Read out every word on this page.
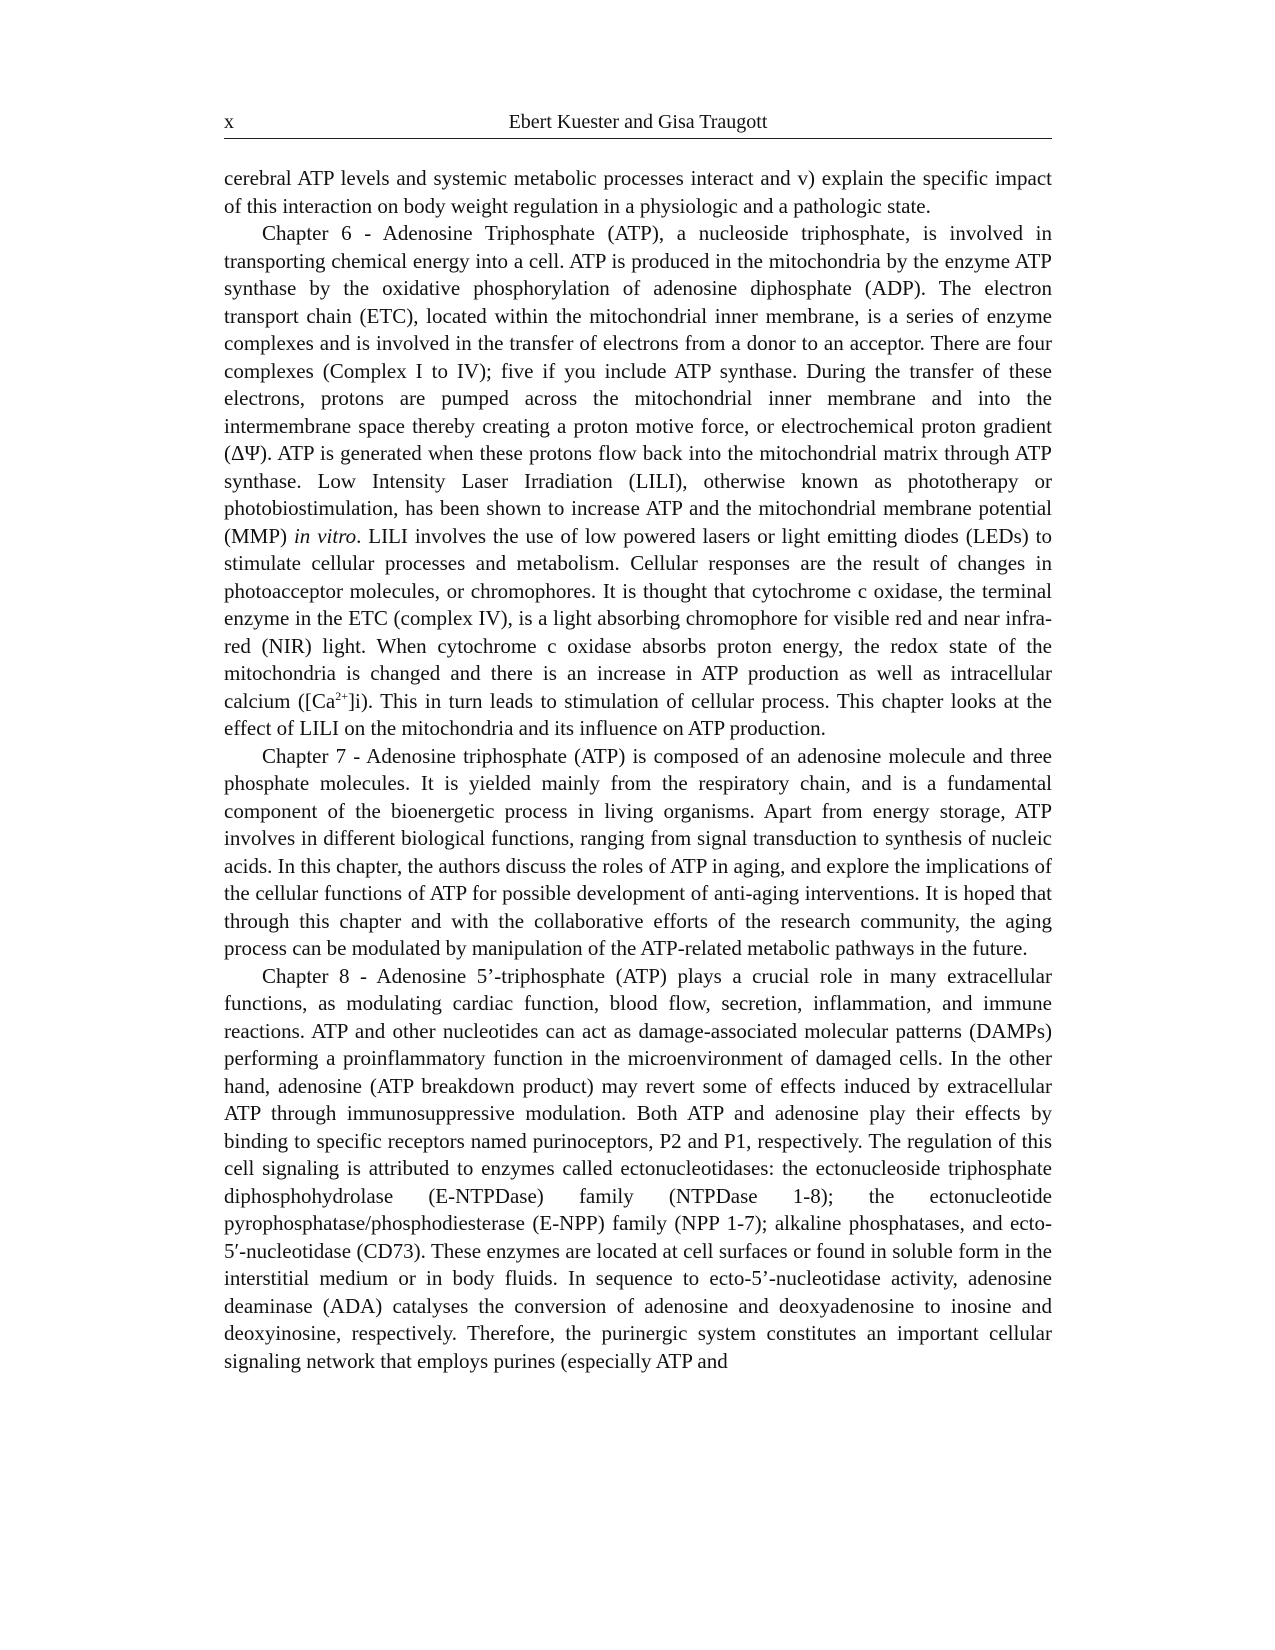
x	Ebert Kuester and Gisa Traugott

cerebral ATP levels and systemic metabolic processes interact and v) explain the specific impact of this interaction on body weight regulation in a physiologic and a pathologic state.

Chapter 6 - Adenosine Triphosphate (ATP), a nucleoside triphosphate, is involved in transporting chemical energy into a cell. ATP is produced in the mitochondria by the enzyme ATP synthase by the oxidative phosphorylation of adenosine diphosphate (ADP). The electron transport chain (ETC), located within the mitochondrial inner membrane, is a series of enzyme complexes and is involved in the transfer of electrons from a donor to an acceptor. There are four complexes (Complex I to IV); five if you include ATP synthase. During the transfer of these electrons, protons are pumped across the mitochondrial inner membrane and into the intermembrane space thereby creating a proton motive force, or electrochemical proton gradient (ΔΨ). ATP is generated when these protons flow back into the mitochondrial matrix through ATP synthase. Low Intensity Laser Irradiation (LILI), otherwise known as phototherapy or photobiostimulation, has been shown to increase ATP and the mitochondrial membrane potential (MMP) in vitro. LILI involves the use of low powered lasers or light emitting diodes (LEDs) to stimulate cellular processes and metabolism. Cellular responses are the result of changes in photoacceptor molecules, or chromophores. It is thought that cytochrome c oxidase, the terminal enzyme in the ETC (complex IV), is a light absorbing chromophore for visible red and near infra-red (NIR) light. When cytochrome c oxidase absorbs proton energy, the redox state of the mitochondria is changed and there is an increase in ATP production as well as intracellular calcium $([Ca^{2+}]i)$. This in turn leads to stimulation of cellular process. This chapter looks at the effect of LILI on the mitochondria and its influence on ATP production.

Chapter 7 - Adenosine triphosphate (ATP) is composed of an adenosine molecule and three phosphate molecules. It is yielded mainly from the respiratory chain, and is a fundamental component of the bioenergetic process in living organisms. Apart from energy storage, ATP involves in different biological functions, ranging from signal transduction to synthesis of nucleic acids. In this chapter, the authors discuss the roles of ATP in aging, and explore the implications of the cellular functions of ATP for possible development of anti-aging interventions. It is hoped that through this chapter and with the collaborative efforts of the research community, the aging process can be modulated by manipulation of the ATP-related metabolic pathways in the future.

Chapter 8 - Adenosine 5’-triphosphate (ATP) plays a crucial role in many extracellular functions, as modulating cardiac function, blood flow, secretion, inflammation, and immune reactions. ATP and other nucleotides can act as damage-associated molecular patterns (DAMPs) performing a proinflammatory function in the microenvironment of damaged cells. In the other hand, adenosine (ATP breakdown product) may revert some of effects induced by extracellular ATP through immunosuppressive modulation. Both ATP and adenosine play their effects by binding to specific receptors named purinoceptors, P2 and P1, respectively. The regulation of this cell signaling is attributed to enzymes called ectonucleotidases: the ectonucleoside triphosphate diphosphohydrolase (E-NTPDase) family (NTPDase 1-8); the ectonucleotide pyrophosphatase/phosphodiesterase (E-NPP) family (NPP 1-7); alkaline phosphatases, and ecto-5′-nucleotidase (CD73). These enzymes are located at cell surfaces or found in soluble form in the interstitial medium or in body fluids. In sequence to ecto-5’-nucleotidase activity, adenosine deaminase (ADA) catalyses the conversion of adenosine and deoxyadenosine to inosine and deoxyinosine, respectively. Therefore, the purinergic system constitutes an important cellular signaling network that employs purines (especially ATP and
